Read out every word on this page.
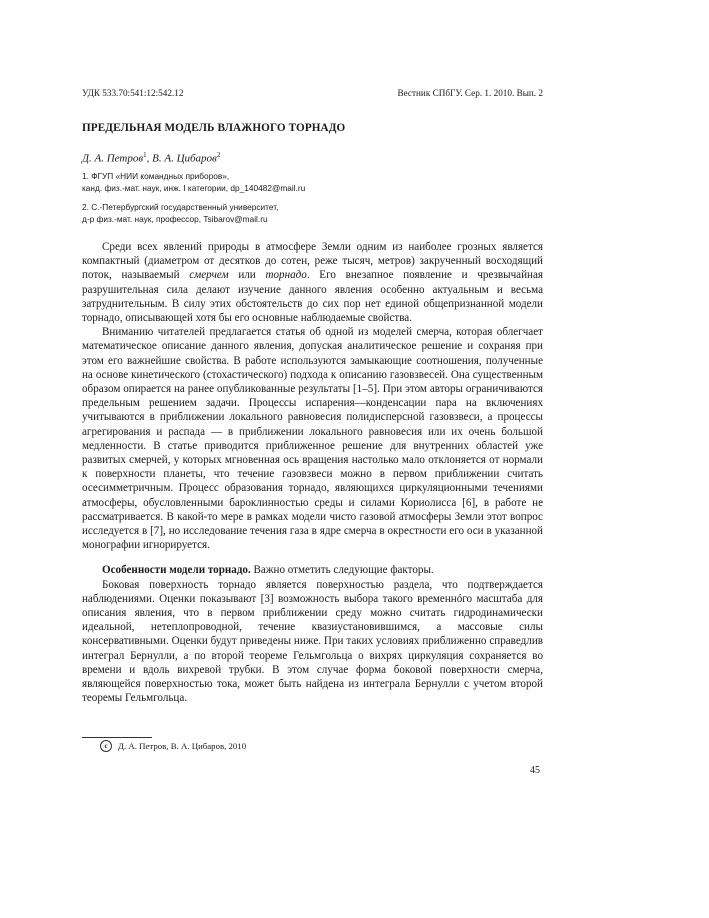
УДК 533.70:541:12:542.12	Вестник СПбГУ. Сер. 1. 2010. Вып. 2
ПРЕДЕЛЬНАЯ МОДЕЛЬ ВЛАЖНОГО ТОРНАДО
Д. А. Петров$^1$, В. А. Цибаров$^2$
1. ФГУП «НИИ командных приборов»,
канд. физ.-мат. наук, инж. I категории, dp_140482@mail.ru
2. С.-Петербургский государственный университет,
д-р физ.-мат. наук, профессор, Tsibarov@mail.ru

Среди всех явлений природы в атмосфере Земли одним из наиболее грозных является компактный (диаметром от десятков до сотен, реже тысяч, метров) закрученный восходящий поток, называемый смерчем или торнадо. Его внезапное появление и чрезвычайная разрушительная сила делают изучение данного явления особенно актуальным и весьма затруднительным. В силу этих обстоятельств до сих пор нет единой общепризнанной модели торнадо, описывающей хотя бы его основные наблюдаемые свойства.

Вниманию читателей предлагается статья об одной из моделей смерча, которая облегчает математическое описание данного явления, допуская аналитическое решение и сохраняя при этом его важнейшие свойства. В работе используются замыкающие соотношения, полученные на основе кинетического (стохастического) подхода к описанию газовзвесей. Она существенным образом опирается на ранее опубликованные результаты [1–5]. При этом авторы ограничиваются предельным решением задачи. Процессы испарения—конденсации пара на включениях учитываются в приближении локального равновесия полидисперсной газовзвеси, а процессы агрегирования и распада — в приближении локального равновесия или их очень большой медленности. В статье приводится приближенное решение для внутренних областей уже развитых смерчей, у которых мгновенная ось вращения настолько мало отклоняется от нормали к поверхности планеты, что течение газовзвеси можно в первом приближении считать осесимметричным. Процесс образования торнадо, являющихся циркуляционными течениями атмосферы, обусловленными бароклинностью среды и силами Кориолисса [6], в работе не рассматривается. В какой-то мере в рамках модели чисто газовой атмосферы Земли этот вопрос исследуется в [7], но исследование течения газа в ядре смерча в окрестности его оси в указанной монографии игнорируется.

Особенности модели торнадо. Важно отметить следующие факторы.

Боковая поверхность торнадо является поверхностью раздела, что подтверждается наблюдениями. Оценки показывают [3] возможность выбора такого временнóго масштаба для описания явления, что в первом приближении среду можно считать гидродинамически идеальной, нетеплопроводной, течение квазиустановившимся, а массовые силы консервативными. Оценки будут приведены ниже. При таких условиях приближенно справедлив интеграл Бернулли, а по второй теореме Гельмгольца о вихрях циркуляция сохраняется во времени и вдоль вихревой трубки. В этом случае форма боковой поверхности смерча, являющейся поверхностью тока, может быть найдена из интеграла Бернулли с учетом второй теоремы Гельмгольца.

c	Д. А. Петров, В. А. Цибаров, 2010
45
